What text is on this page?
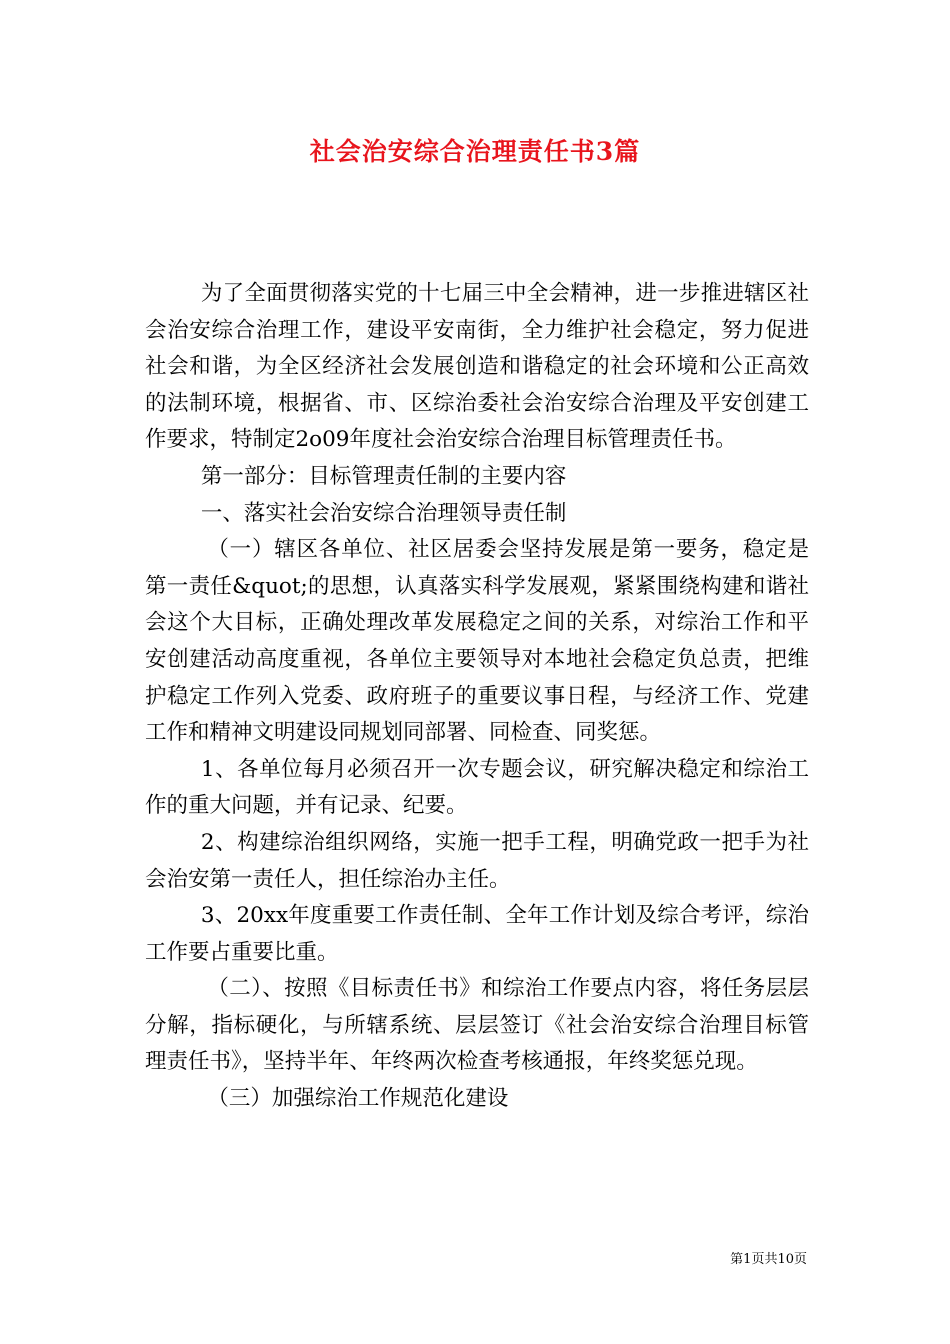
社会治安综合治理责任书3篇

为了全面贯彻落实党的十七届三中全会精神，进一步推进辖区社会治安综合治理工作，建设平安南街，全力维护社会稳定，努力促进社会和谐，为全区经济社会发展创造和谐稳定的社会环境和公正高效的法制环境，根据省、市、区综治委社会治安综合治理及平安创建工作要求，特制定2o09年度社会治安综合治理目标管理责任书。

第一部分：目标管理责任制的主要内容

一、落实社会治安综合治理领导责任制

（一）辖区各单位、社区居委会坚持发展是第一要务，稳定是第一责任&quot;的思想，认真落实科学发展观，紧紧围绕构建和谐社会这个大目标，正确处理改革发展稳定之间的关系，对综治工作和平安创建活动高度重视，各单位主要领导对本地社会稳定负总责，把维护稳定工作列入党委、政府班子的重要议事日程，与经济工作、党建工作和精神文明建设同规划同部署、同检查、同奖惩。

1、各单位每月必须召开一次专题会议，研究解决稳定和综治工作的重大问题，并有记录、纪要。

2、构建综治组织网络，实施一把手工程，明确党政一把手为社会治安第一责任人，担任综治办主任。

3、20xx年度重要工作责任制、全年工作计划及综合考评，综治工作要占重要比重。

（二）、按照《目标责任书》和综治工作要点内容，将任务层层分解，指标硬化，与所辖系统、层层签订《社会治安综合治理目标管理责任书》，坚持半年、年终两次检查考核通报，年终奖惩兑现。

（三）加强综治工作规范化建设

第1页共10页
